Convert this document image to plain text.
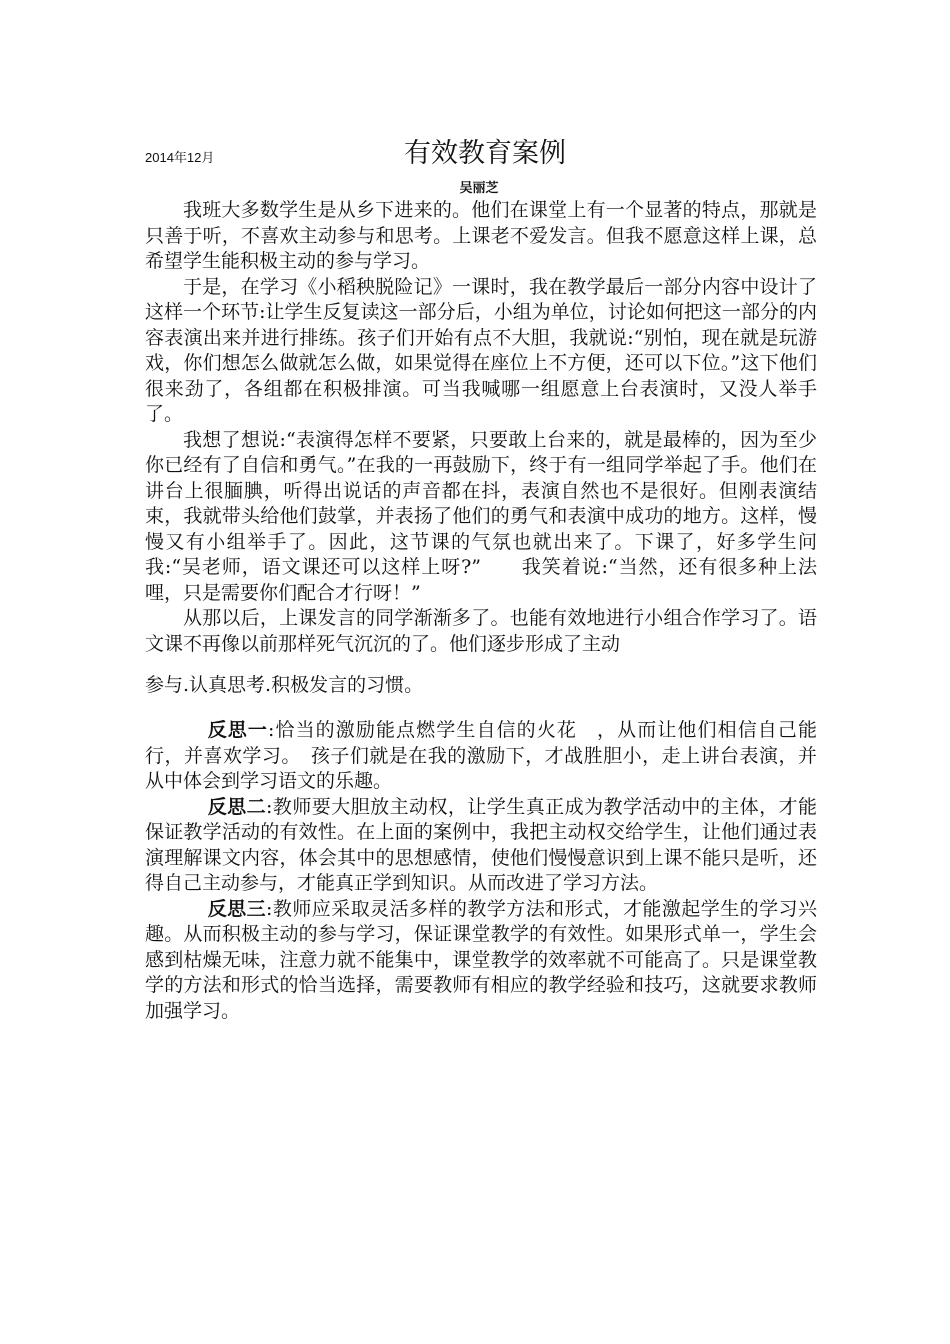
2014年12月	有效教育案例
吴丽芝

我班大多数学生是从乡下进来的。他们在课堂上有一个显著的特点，那就是只善于听，不喜欢主动参与和思考。上课老不爱发言。但我不愿意这样上课，总希望学生能积极主动的参与学习。

于是，在学习《小稻秧脱险记》一课时，我在教学最后一部分内容中设计了这样一个环节:让学生反复读这一部分后，小组为单位，讨论如何把这一部分的内容表演出来并进行排练。孩子们开始有点不大胆，我就说:“别怕，现在就是玩游戏，你们想怎么做就怎么做，如果觉得在座位上不方便，还可以下位。”这下他们很来劲了，各组都在积极排演。可当我喊哪一组愿意上台表演时，又没人举手了。

我想了想说:“表演得怎样不要紧，只要敢上台来的，就是最棒的，因为至少你已经有了自信和勇气。”在我的一再鼓励下，终于有一组同学举起了手。他们在讲台上很腼腆，听得出说话的声音都在抖，表演自然也不是很好。但刚表演结束，我就带头给他们鼓掌，并表扬了他们的勇气和表演中成功的地方。这样，慢慢又有小组举手了。因此，这节课的气氛也就出来了。下课了，好多学生问我:“吴老师，语文课还可以这样上呀?”　　我笑着说:“当然，还有很多种上法哩，只是需要你们配合才行呀！”

从那以后，上课发言的同学渐渐多了。也能有效地进行小组合作学习了。语文课不再像以前那样死气沉沉的了。他们逐步形成了主动

参与.认真思考.积极发言的习惯。

反思一:恰当的激励能点燃学生自信的火花　，从而让他们相信自己能行，并喜欢学习。　孩子们就是在我的激励下，才战胜胆小，走上讲台表演，并从中体会到学习语文的乐趣。

反思二:教师要大胆放主动权，让学生真正成为教学活动中的主体，才能保证教学活动的有效性。在上面的案例中，我把主动权交给学生，让他们通过表演理解课文内容，体会其中的思想感情，使他们慢慢意识到上课不能只是听，还得自己主动参与，才能真正学到知识。从而改进了学习方法。

反思三:教师应采取灵活多样的教学方法和形式，才能激起学生的学习兴趣。从而积极主动的参与学习，保证课堂教学的有效性。如果形式单一，学生会感到枯燥无味，注意力就不能集中，课堂教学的效率就不可能高了。只是课堂教学的方法和形式的恰当选择，需要教师有相应的教学经验和技巧，这就要求教师加强学习。
